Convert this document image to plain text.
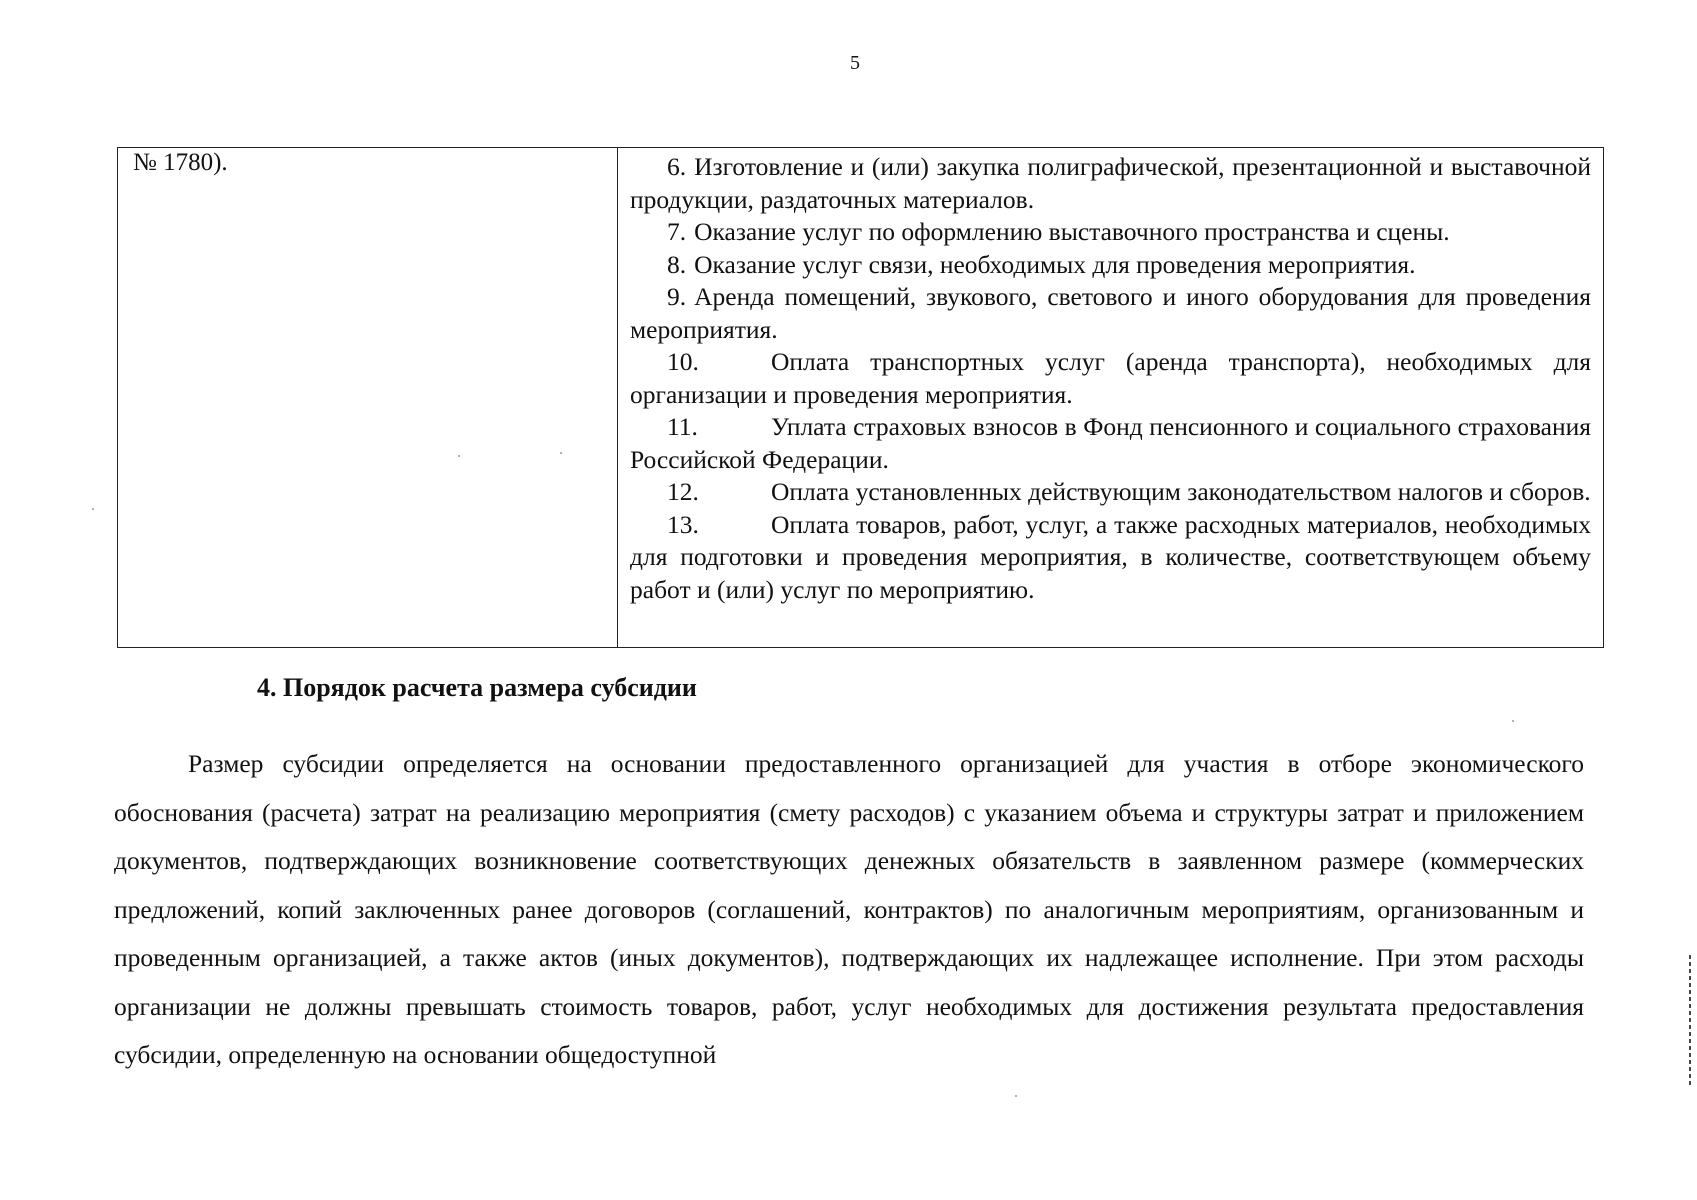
5
№ 1780).	6. Изготовление и (или) закупка полиграфической, презентационной и выставочной продукции, раздаточных материалов.

7. Оказание услуг по оформлению выставочного пространства и сцены.

8. Оказание услуг связи, необходимых для проведения мероприятия.

9. Аренда помещений, звукового, светового и иного оборудования для проведения мероприятия.

10.	Оплата транспортных услуг (аренда транспорта), необходимых для организации и проведения мероприятия.

11.	Уплата страховых взносов в Фонд пенсионного и социального страхования Российской Федерации.

12.	Оплата установленных действующим законодательством налогов и сборов.

13.	Оплата товаров, работ, услуг, а также расходных материалов, необходимых для подготовки и проведения мероприятия, в количестве, соответствующем объему работ и (или) услуг по мероприятию.

4. Порядок расчета размера субсидии

Размер субсидии определяется на основании предоставленного организацией для участия в отборе экономического обоснования (расчета) затрат на реализацию мероприятия (смету расходов) с указанием объема и структуры затрат и приложением документов, подтверждающих возникновение соответствующих денежных обязательств в заявленном размере (коммерческих предложений, копий заключенных ранее договоров (соглашений, контрактов) по аналогичным мероприятиям, организованным и проведенным организацией, а также актов (иных документов), подтверждающих их надлежащее исполнение. При этом расходы организации не должны превышать стоимость товаров, работ, услуг необходимых для достижения результата предоставления субсидии, определенную на основании общедоступной
